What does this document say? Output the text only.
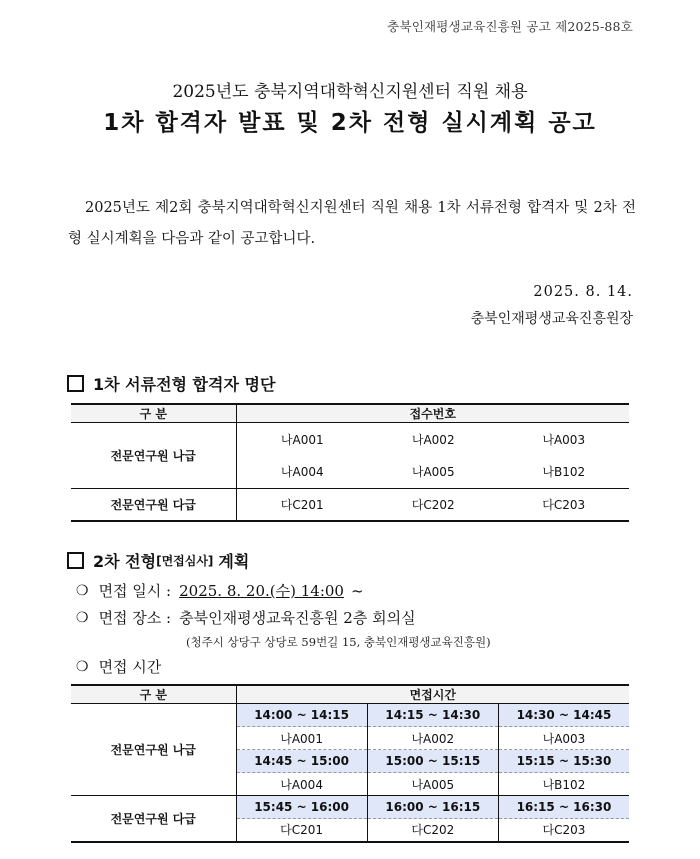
충북인재평생교육진흥원 공고 제2025-88호
2025년도 충북지역대학혁신지원센터 직원 채용
1차 합격자 발표 및 2차 전형 실시계획 공고
2025년도 제2회 충북지역대학혁신지원센터 직원 채용 1차 서류전형 합격자 및 2차 전형 실시계획을 다음과 같이 공고합니다.
2025. 8. 14.
충북인재평생교육진흥원장
1차 서류전형 합격자 명단
구 분	접수번호		
전문연구원 나급	나A001	나A002	나A003
	나A004	나A005	나B102
전문연구원 다급	다C201	다C202	다C203
2차 전형 [면접심사] 계획
❍ 면접 일시 : 2025. 8. 20.(수) 14:00 ~
❍ 면접 장소 : 충북인재평생교육진흥원 2층 회의실
(청주시 상당구 상당로 59번길 15, 충북인재평생교육진흥원)
❍ 면접 시간
구 분	면접시간		
전문연구원 나급	14:00 ~ 14:15	14:15 ~ 14:30	14:30 ~ 14:45
	나A001	나A002	나A003
	14:45 ~ 15:00	15:00 ~ 15:15	15:15 ~ 15:30
	나A004	나A005	나B102
전문연구원 다급	15:45 ~ 16:00	16:00 ~ 16:15	16:15 ~ 16:30
	다C201	다C202	다C203
